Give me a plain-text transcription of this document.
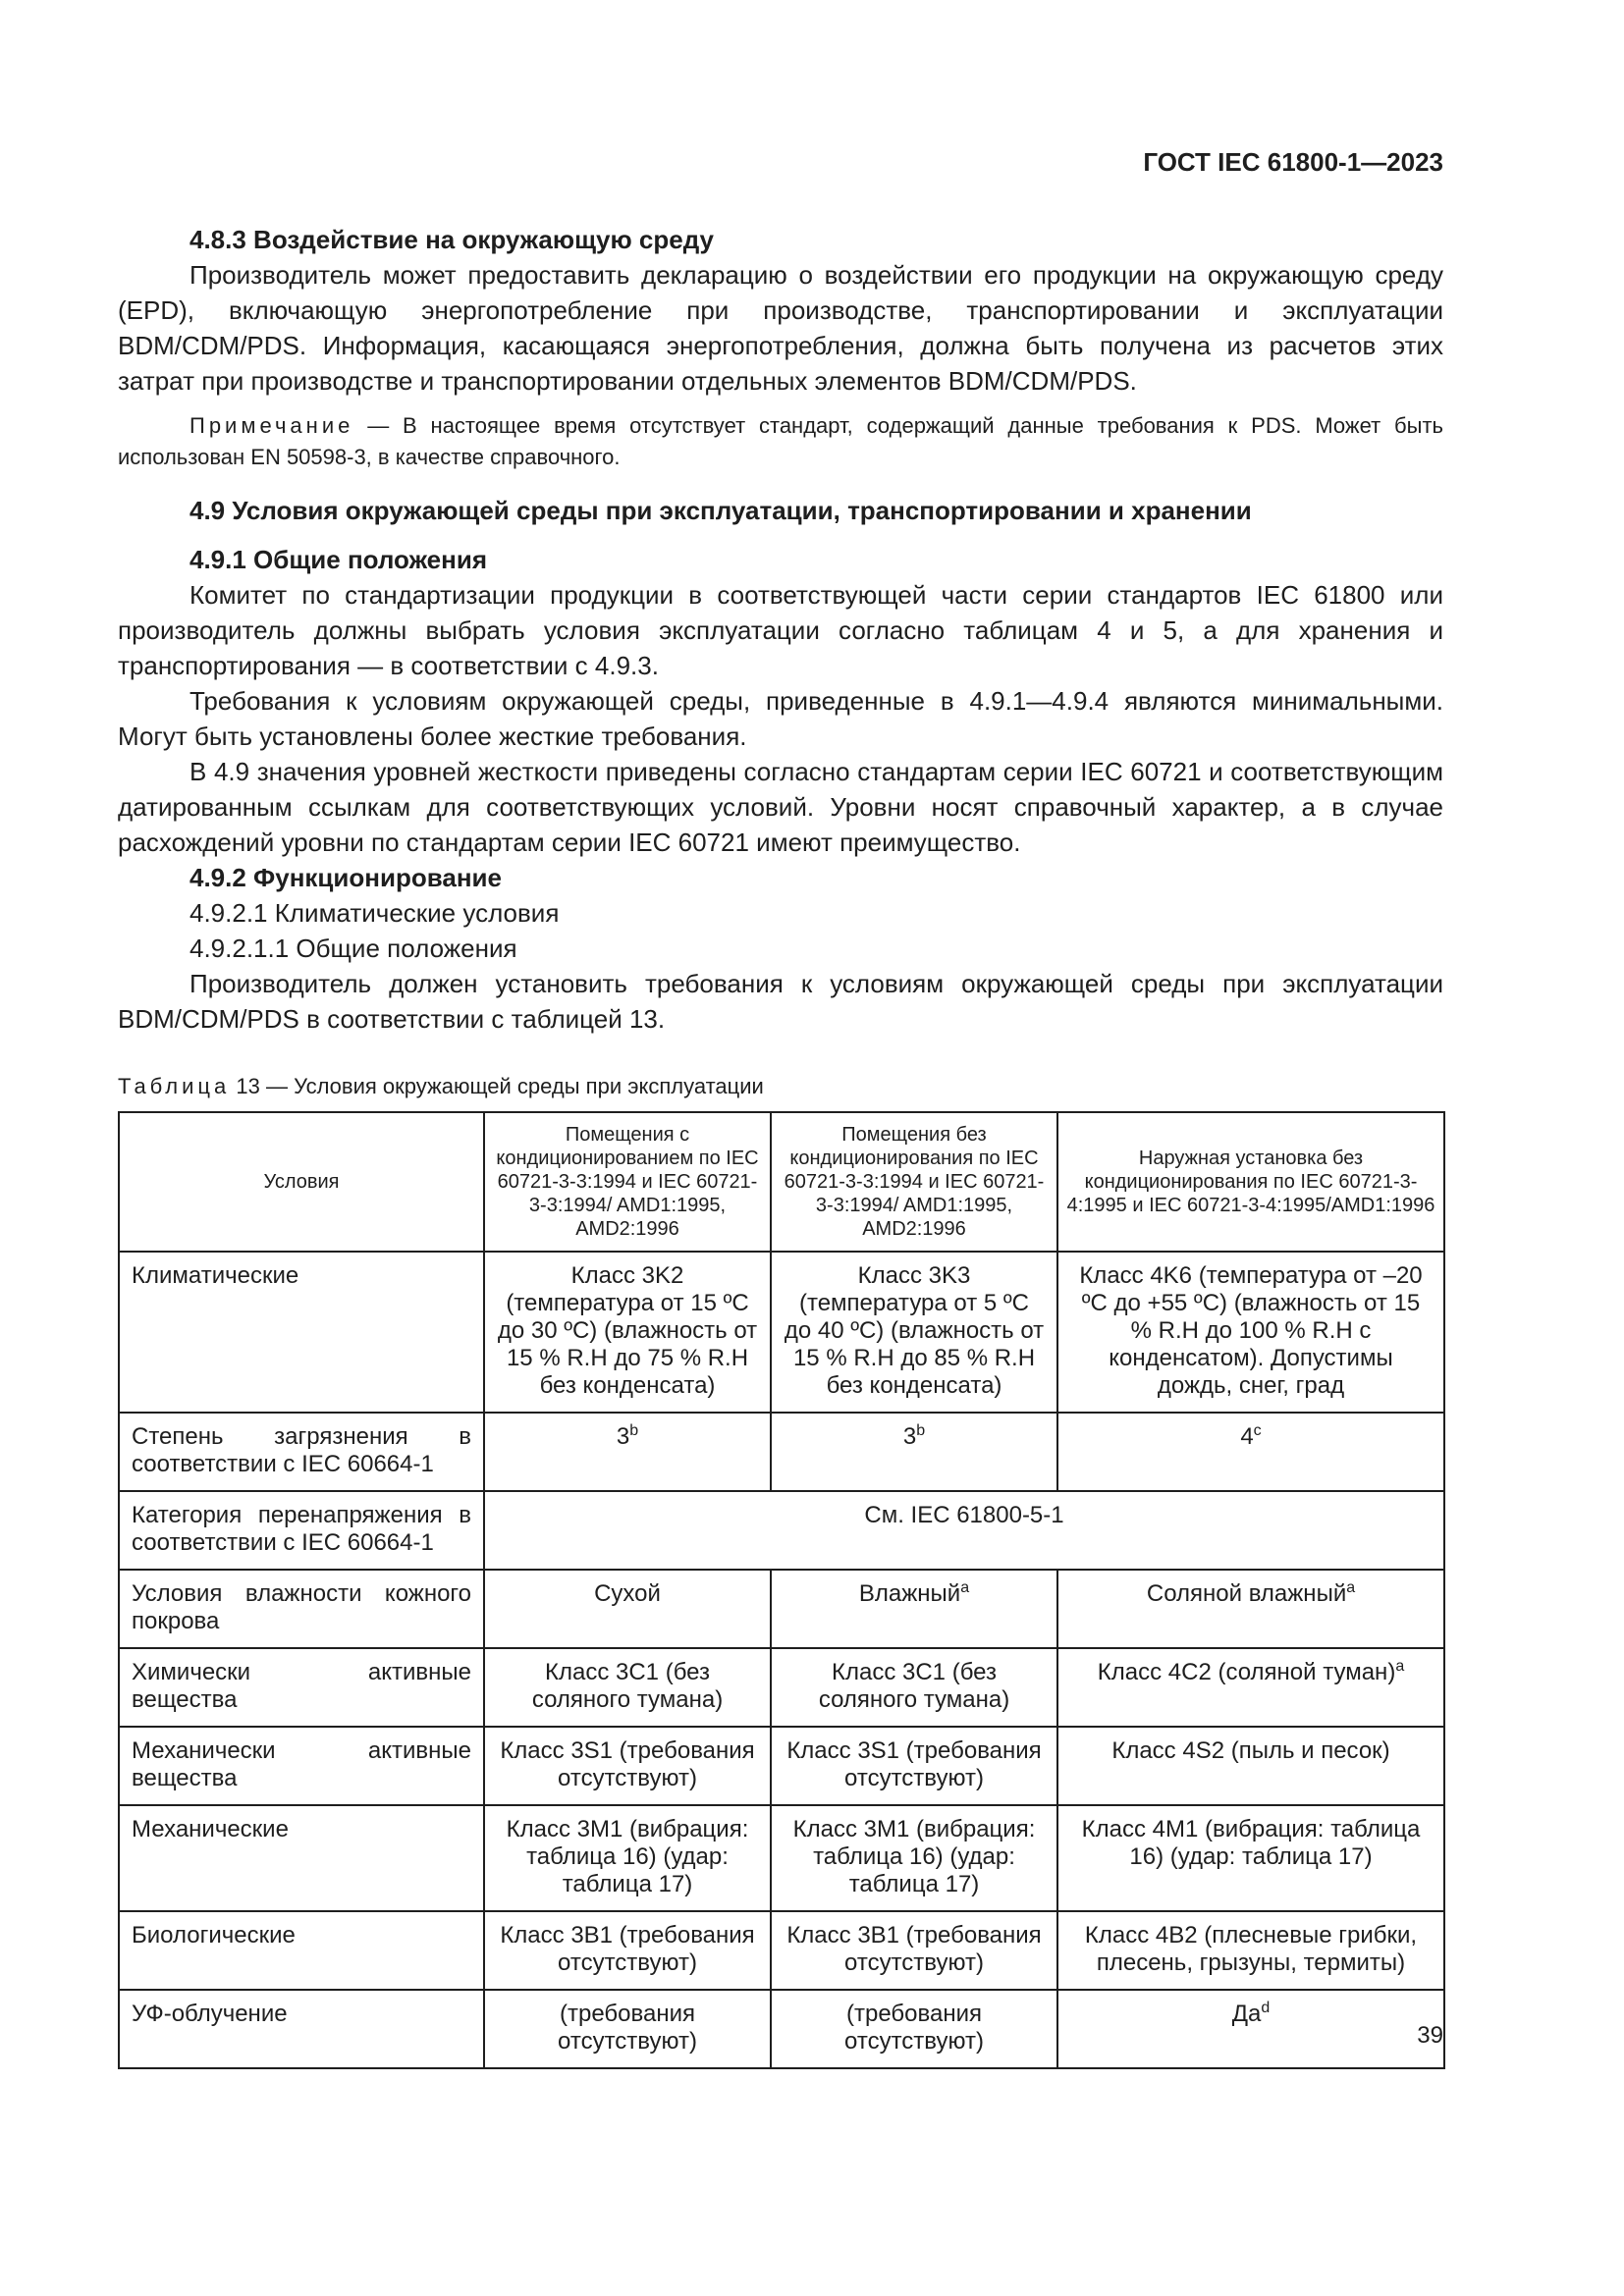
ГОСТ IEC 61800-1—2023

4.8.3 Воздействие на окружающую среду

Производитель может предоставить декларацию о воздействии его продукции на окружающую среду (EPD), включающую энергопотребление при производстве, транспортировании и эксплуатации BDM/CDM/PDS. Информация, касающаяся энергопотребления, должна быть получена из расчетов этих затрат при производстве и транспортировании отдельных элементов BDM/CDM/PDS.

Примечание — В настоящее время отсутствует стандарт, содержащий данные требования к PDS. Может быть использован EN 50598-3, в качестве справочного.

4.9 Условия окружающей среды при эксплуатации, транспортировании и хранении

4.9.1 Общие положения

Комитет по стандартизации продукции в соответствующей части серии стандартов IEC 61800 или производитель должны выбрать условия эксплуатации согласно таблицам 4 и 5, а для хранения и транспортирования — в соответствии с 4.9.3.

Требования к условиям окружающей среды, приведенные в 4.9.1—4.9.4 являются минимальными. Могут быть установлены более жесткие требования.

В 4.9 значения уровней жесткости приведены согласно стандартам серии IEC 60721 и соответствующим датированным ссылкам для соответствующих условий. Уровни носят справочный характер, а в случае расхождений уровни по стандартам серии IEC 60721 имеют преимущество.

4.9.2 Функционирование

4.9.2.1 Климатические условия

4.9.2.1.1 Общие положения

Производитель должен установить требования к условиям окружающей среды при эксплуатации BDM/CDM/PDS в соответствии с таблицей 13.

Таблица 13 — Условия окружающей среды при эксплуатации
Условия	Помещения с кондиционированием по IEC 60721-3-3:1994 и IEC 60721-3-3:1994/ AMD1:1995, AMD2:1996	Помещения без кондиционирования по IEC 60721-3-3:1994 и IEC 60721-3-3:1994/ AMD1:1995, AMD2:1996	Наружная установка без кондиционирования по IEC 60721-3-4:1995 и IEC 60721-3-4:1995/AMD1:1996
Климатические	Класс 3K2 (температура от 15 ºС до 30 ºС) (влажность от 15 % R.H до 75 % R.H без конденсата)	Класс 3K3 (температура от 5 ºС до 40 ºС) (влажность от 15 % R.H до 85 % R.H без конденсата)	Класс 4K6 (температура от –20 ºС до +55 ºС) (влажность от 15 % R.H до 100 % R.H с конденсатом). Допустимы дождь, снег, град
Степень загрязнения в соответствии с IEC 60664-1	3$^b$	3$^b$	4$^c$
Категория перенапряжения в соответствии с IEC 60664-1	См. IEC 61800-5-1		
Условия влажности кожного покрова	Сухой	Влажный$^a$	Соляной влажный$^a$
Химически активные вещества	Класс 3C1 (без соляного тумана)	Класс 3C1 (без соляного тумана)	Класс 4C2 (соляной туман)$^a$
Механически активные вещества	Класс 3S1 (требования отсутствуют)	Класс 3S1 (требования отсутствуют)	Класс 4S2 (пыль и песок)
Механические	Класс 3M1 (вибрация: таблица 16) (удар: таблица 17)	Класс 3M1 (вибрация: таблица 16) (удар: таблица 17)	Класс 4M1 (вибрация: таблица 16) (удар: таблица 17)
Биологические	Класс 3B1 (требования отсутствуют)	Класс 3B1 (требования отсутствуют)	Класс 4B2 (плесневые грибки, плесень, грызуны, термиты)
УФ-облучение	(требования отсутствуют)	(требования отсутствуют)	$Да^d$
39
